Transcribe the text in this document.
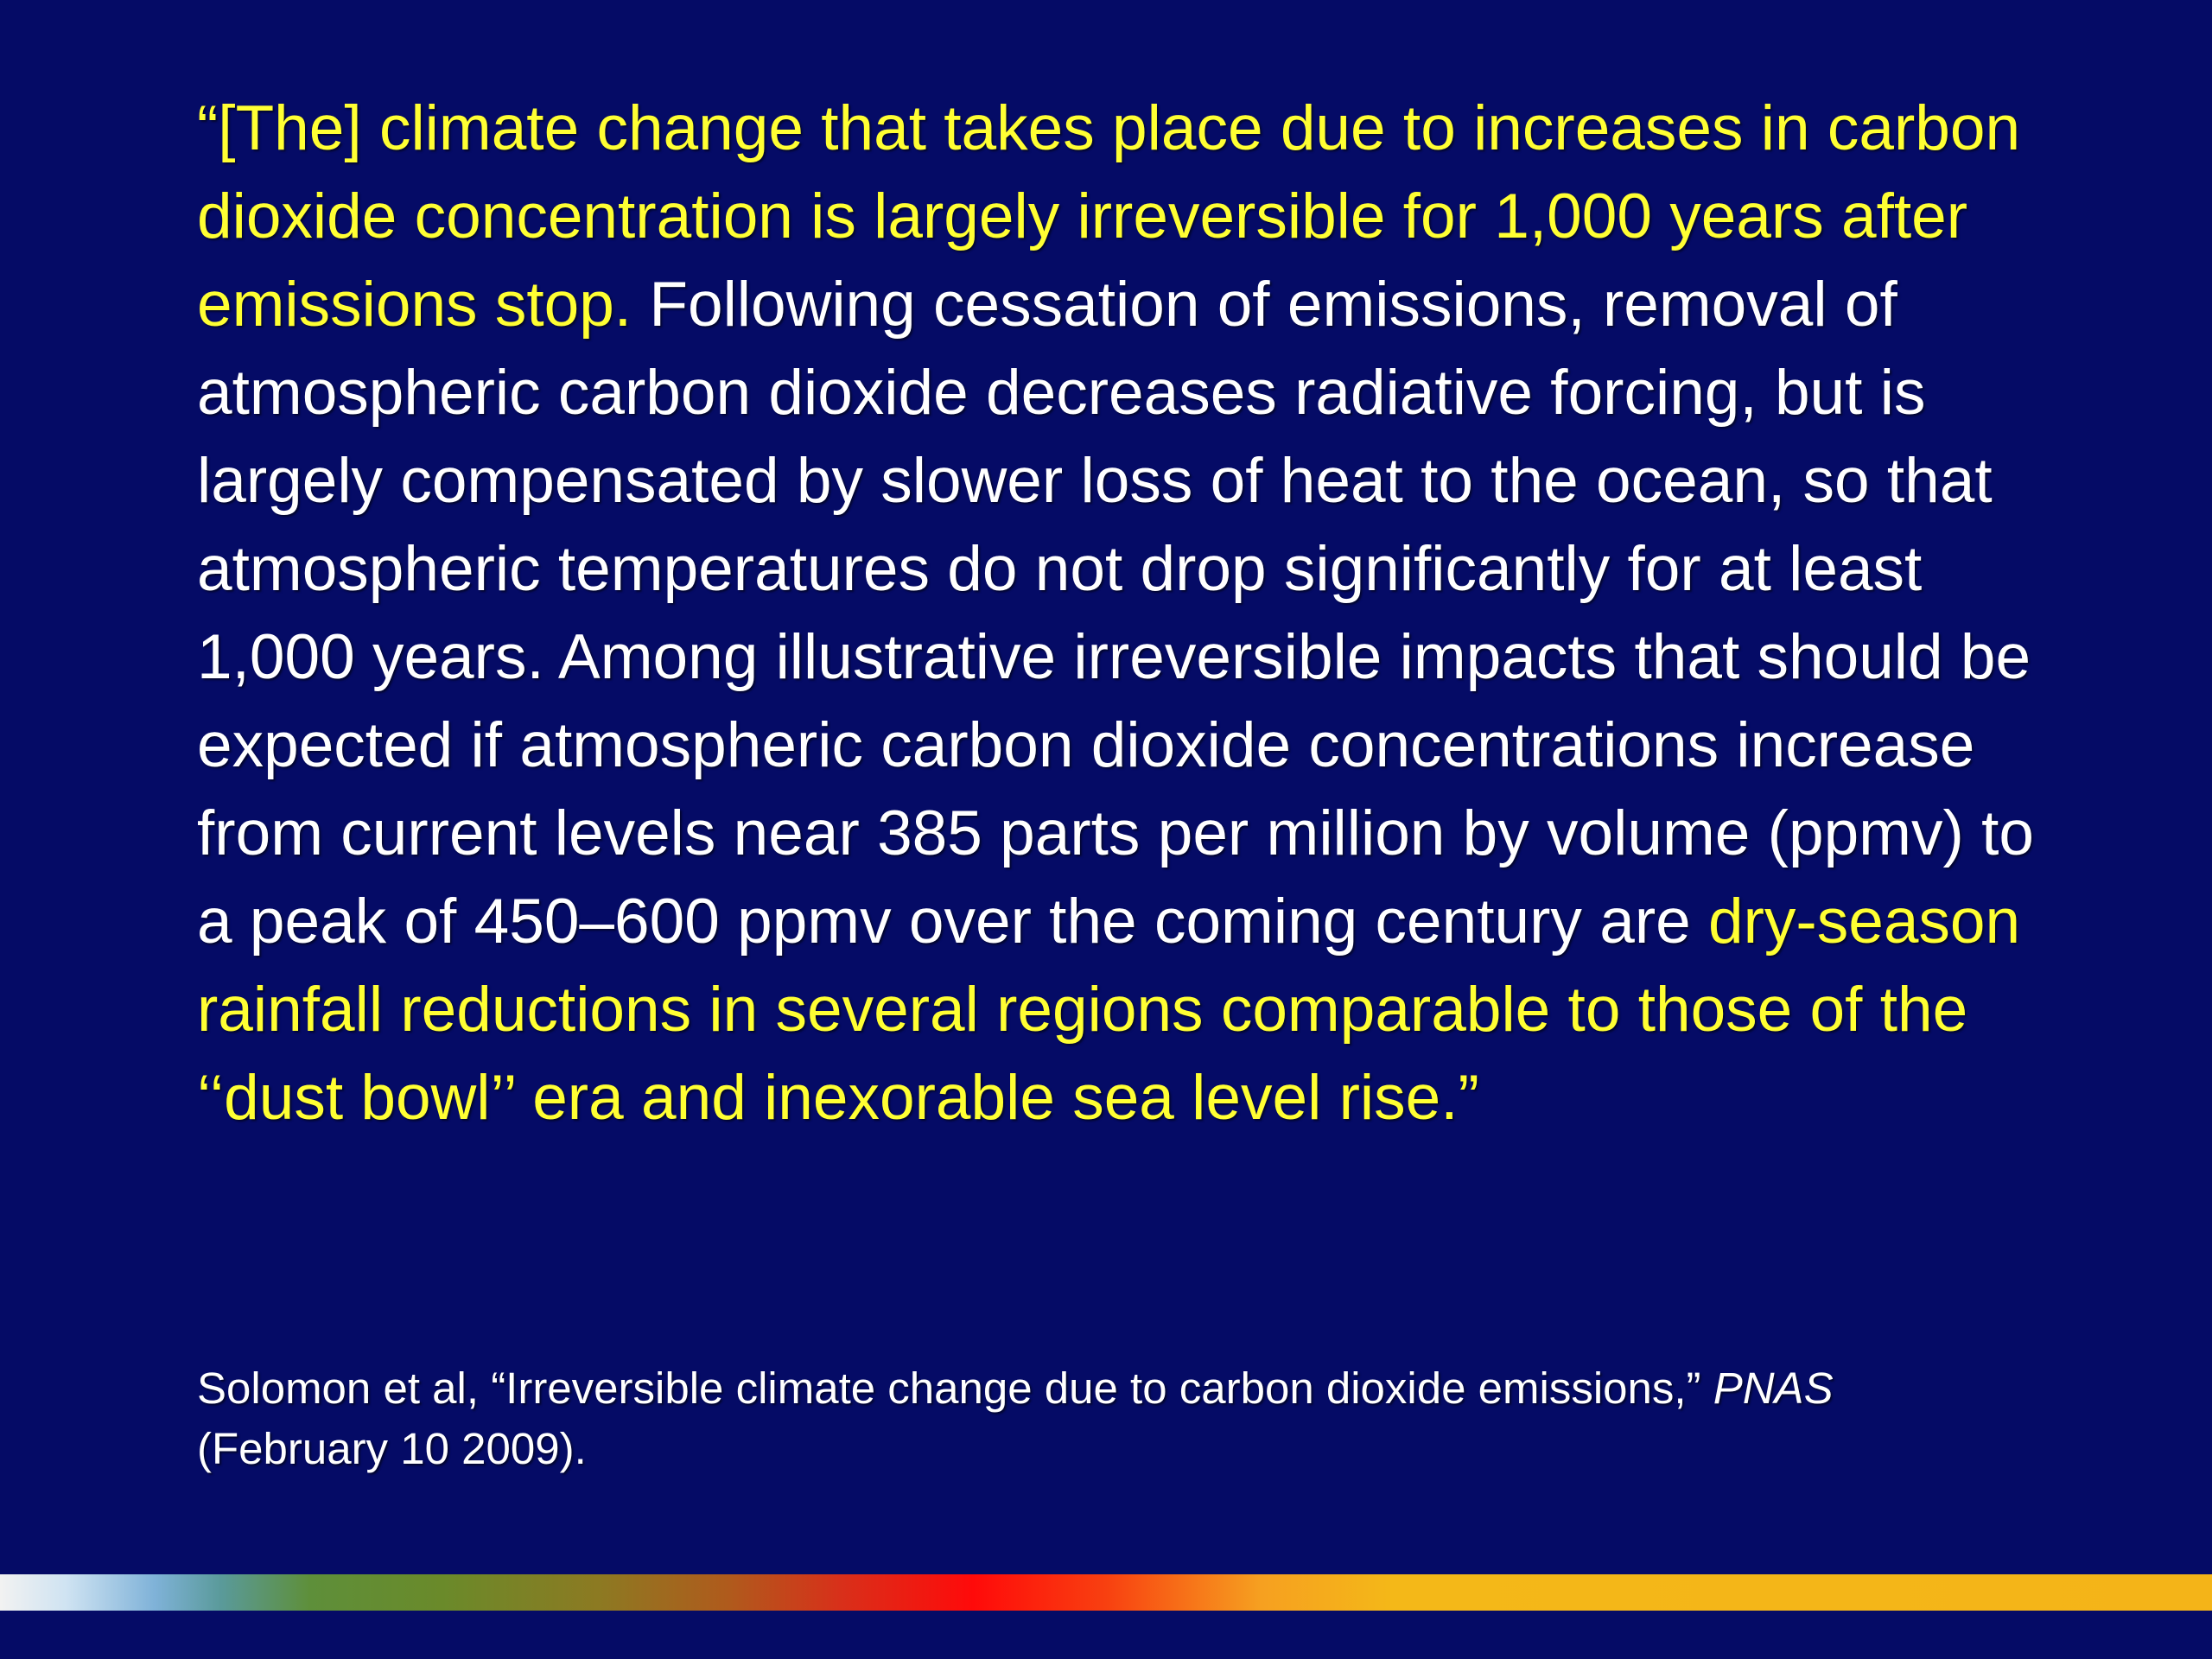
“[The] climate change that takes place due to increases in carbon dioxide concentration is largely irreversible for 1,000 years after emissions stop. Following cessation of emissions, removal of atmospheric carbon dioxide decreases radiative forcing, but is largely compensated by slower loss of heat to the ocean, so that atmospheric temperatures do not drop significantly for at least 1,000 years. Among illustrative irreversible impacts that should be expected if atmospheric carbon dioxide concentrations increase from current levels near 385 parts per million by volume (ppmv) to a peak of 450–600 ppmv over the coming century are dry-season rainfall reductions in several regions comparable to those of the ‘‘dust bowl’’ era and inexorable sea level rise.”

Solomon et al, “Irreversible climate change due to carbon dioxide emissions,” PNAS
(February 10 2009).
